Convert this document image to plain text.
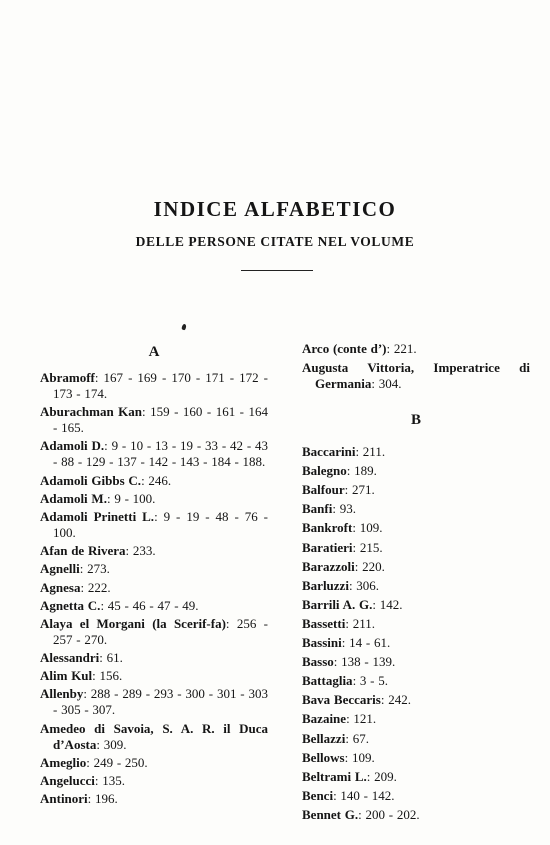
INDICE ALFABETICO
DELLE PERSONE CITATE NEL VOLUME
A
Abramoff: 167 - 169 - 170 - 171 - 172 - 173 - 174.
Aburachman Kan: 159 - 160 - 161 - 164 - 165.
Adamoli D.: 9 - 10 - 13 - 19 - 33 - 42 - 43 - 88 - 129 - 137 - 142 - 143 - 184 - 188.
Adamoli Gibbs C.: 246.
Adamoli M.: 9 - 100.
Adamoli Prinetti L.: 9 - 19 - 48 - 76 - 100.
Afan de Rivera: 233.
Agnelli: 273.
Agnesa: 222.
Agnetta C.: 45 - 46 - 47 - 49.
Alaya el Morgani (la Scerif-fa): 256 - 257 - 270.
Alessandri: 61.
Alim Kul: 156.
Allenby: 288 - 289 - 293 - 300 - 301 - 303 - 305 - 307.
Amedeo di Savoia, S. A. R. il Duca d’Aosta: 309.
Ameglio: 249 - 250.
Angelucci: 135.
Antinori: 196.
Arco (conte d’): 221.
Augusta Vittoria, Imperatrice di Germania: 304.
B
Baccarini: 211.
Balegno: 189.
Balfour: 271.
Banfi: 93.
Bankroft: 109.
Baratieri: 215.
Barazzoli: 220.
Barluzzi: 306.
Barrili A. G.: 142.
Bassetti: 211.
Bassini: 14 - 61.
Basso: 138 - 139.
Battaglia: 3 - 5.
Bava Beccaris: 242.
Bazaine: 121.
Bellazzi: 67.
Bellows: 109.
Beltrami L.: 209.
Benci: 140 - 142.
Bennet G.: 200 - 202.
